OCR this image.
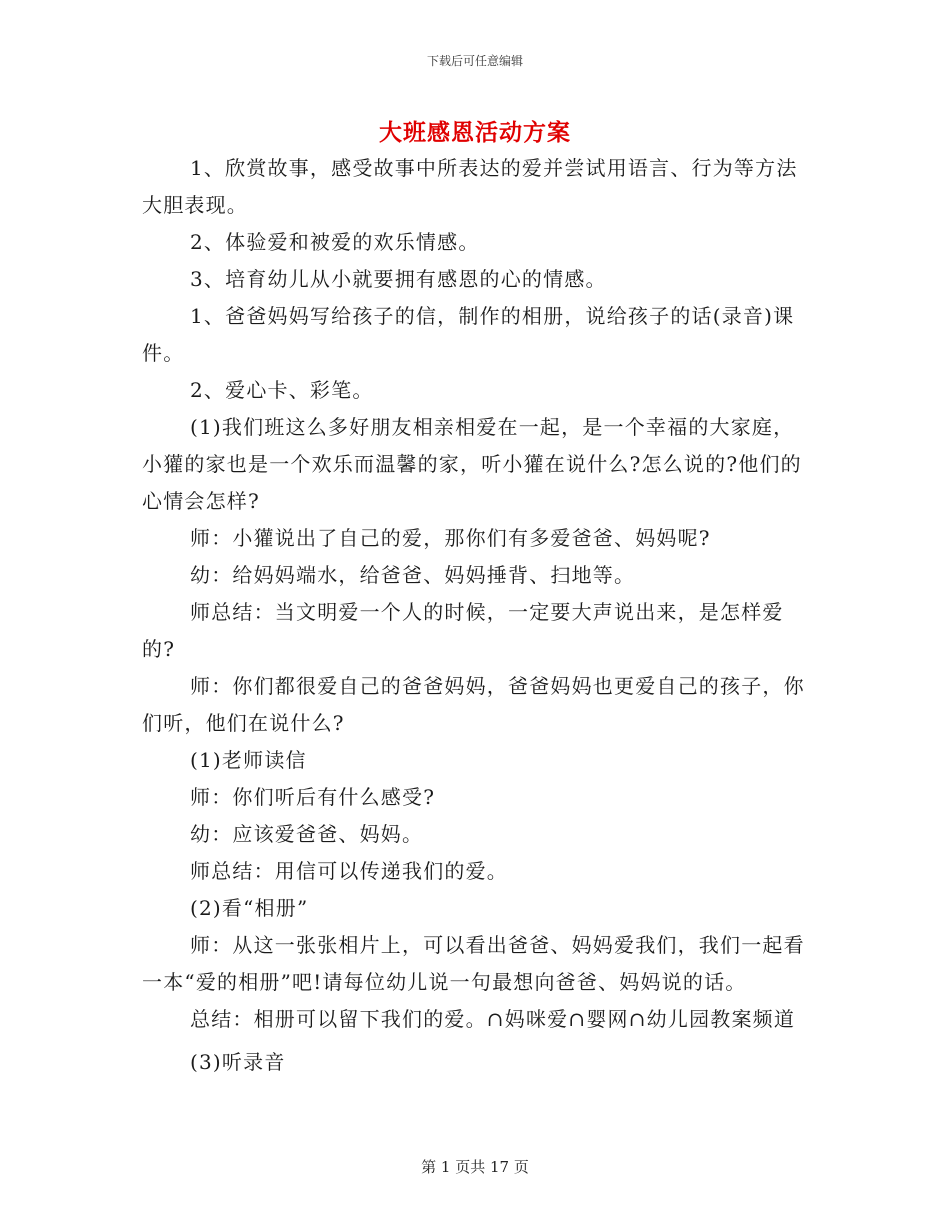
下载后可任意编辑
大班感恩活动方案

1、欣赏故事，感受故事中所表达的爱并尝试用语言、行为等方法大胆表现。

2、体验爱和被爱的欢乐情感。

3、培育幼儿从小就要拥有感恩的心的情感。

1、爸爸妈妈写给孩子的信，制作的相册，说给孩子的话(录音)课件。

2、爱心卡、彩笔。

(1)我们班这么多好朋友相亲相爱在一起，是一个幸福的大家庭，小獾的家也是一个欢乐而温馨的家，听小獾在说什么?怎么说的?他们的心情会怎样?

师：小獾说出了自己的爱，那你们有多爱爸爸、妈妈呢?

幼：给妈妈端水，给爸爸、妈妈捶背、扫地等。

师总结：当文明爱一个人的时候，一定要大声说出来，是怎样爱的?

师：你们都很爱自己的爸爸妈妈，爸爸妈妈也更爱自己的孩子，你们听，他们在说什么?

(1)老师读信

师：你们听后有什么感受?

幼：应该爱爸爸、妈妈。

师总结：用信可以传递我们的爱。

(2)看“相册”

师：从这一张张相片上，可以看出爸爸、妈妈爱我们，我们一起看一本“爱的相册”吧!请每位幼儿说一句最想向爸爸、妈妈说的话。

总结：相册可以留下我们的爱。∩妈咪爱∩婴网∩幼儿园教案频道

(3)听录音

第 1 页共 17 页
